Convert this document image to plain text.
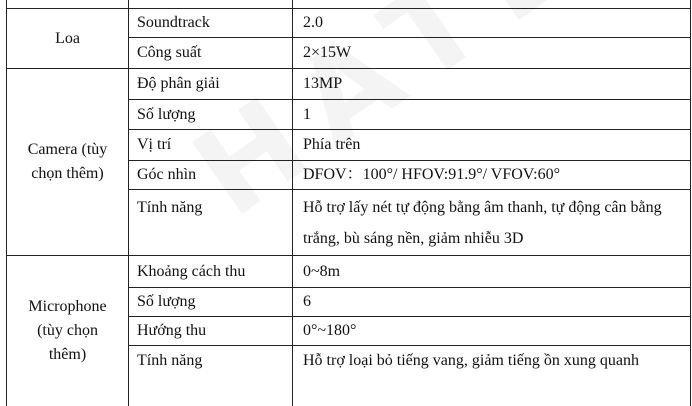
Loa	Soundtrack	2.0
	Công suất	2×15W

Camera (tùy
chọn thêm)	Độ phân giải	13MP
	Số lượng	1
	Vị trí	Phía trên
	Góc nhìn	DFOV：100°/ HFOV:91.9°/ VFOV:60°
	Tính năng	Hỗ trợ lấy nét tự động bằng âm thanh, tự động cân bằng trắng, bù sáng nền, giảm nhiễu 3D

Microphone
(tùy chọn
thêm)	Khoảng cách thu	0~8m
	Số lượng	6
	Hướng thu	0°~180°
	Tính năng	Hỗ trợ loại bỏ tiếng vang, giảm tiếng ồn xung quanh
